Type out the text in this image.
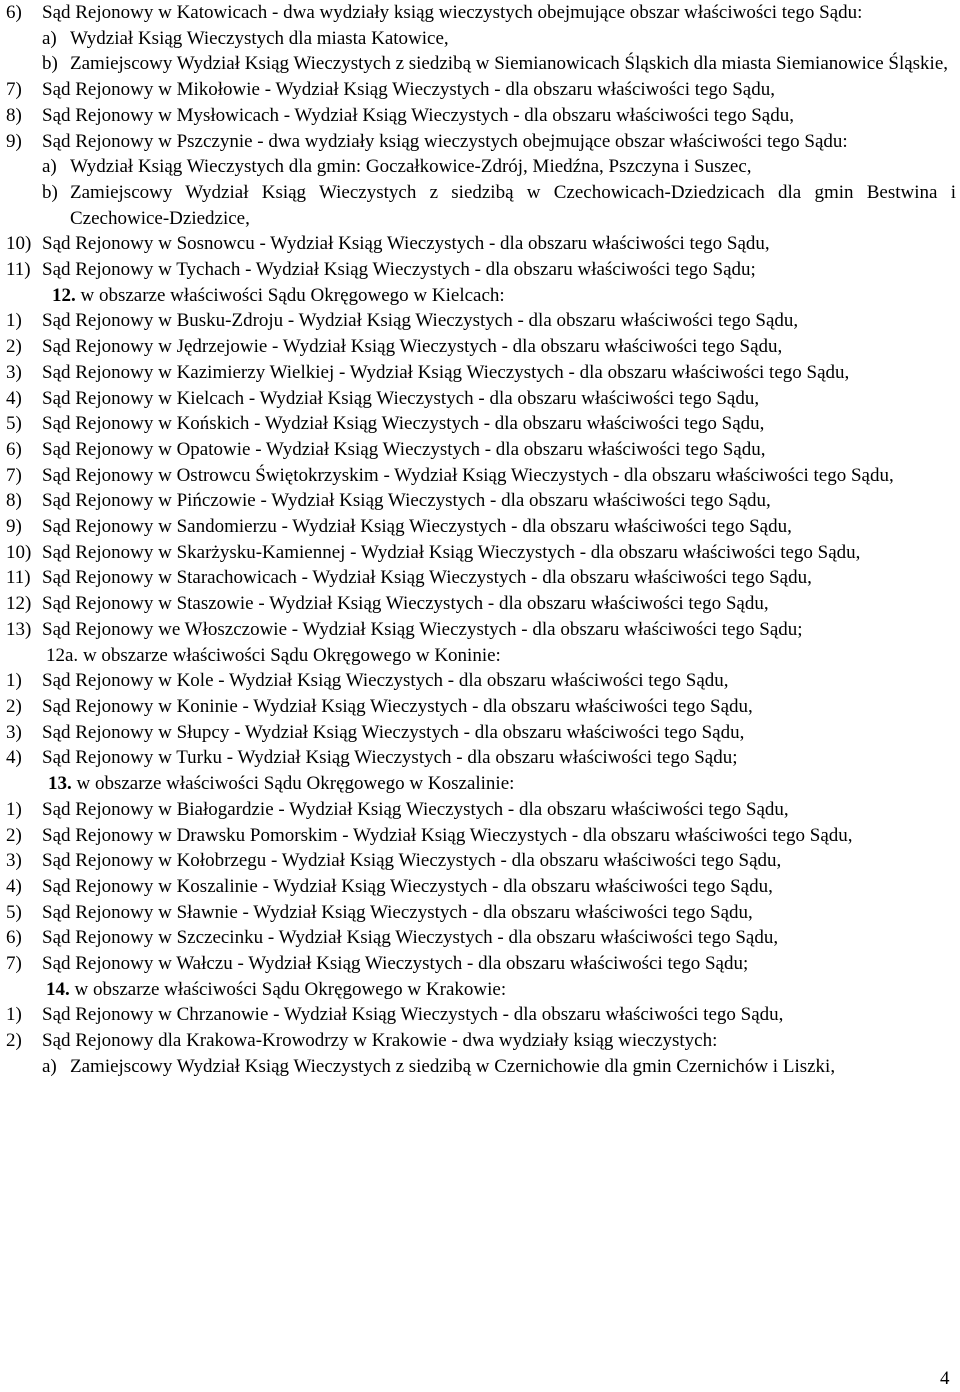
6)	Sąd Rejonowy w Katowicach - dwa wydziały ksiąg wieczystych obejmujące obszar właściwości tego Sądu:
a) Wydział Ksiąg Wieczystych dla miasta Katowice,
b) Zamiejscowy Wydział Ksiąg Wieczystych z siedzibą w Siemianowicach Śląskich dla miasta Siemianowice Śląskie,
7)	Sąd Rejonowy w Mikołowie - Wydział Ksiąg Wieczystych - dla obszaru właściwości tego Sądu,
8)	Sąd Rejonowy w Mysłowicach - Wydział Ksiąg Wieczystych - dla obszaru właściwości tego Sądu,
9)	Sąd Rejonowy w Pszczynie - dwa wydziały ksiąg wieczystych obejmujące obszar właściwości tego Sądu:
a) Wydział Ksiąg Wieczystych dla gmin: Goczałkowice-Zdrój, Miedźna, Pszczyna i Suszec,
b) Zamiejscowy Wydział Ksiąg Wieczystych z siedzibą w Czechowicach-Dziedzicach dla gmin Bestwina i Czechowice-Dziedzice,
10) Sąd Rejonowy w Sosnowcu - Wydział Ksiąg Wieczystych - dla obszaru właściwości tego Sądu,
11) Sąd Rejonowy w Tychach - Wydział Ksiąg Wieczystych - dla obszaru właściwości tego Sądu;
12. w obszarze właściwości Sądu Okręgowego w Kielcach:
1)	Sąd Rejonowy w Busku-Zdroju - Wydział Ksiąg Wieczystych - dla obszaru właściwości tego Sądu,
2)	Sąd Rejonowy w Jędrzejowie - Wydział Ksiąg Wieczystych - dla obszaru właściwości tego Sądu,
3)	Sąd Rejonowy w Kazimierzy Wielkiej - Wydział Ksiąg Wieczystych - dla obszaru właściwości tego Sądu,
4)	Sąd Rejonowy w Kielcach - Wydział Ksiąg Wieczystych - dla obszaru właściwości tego Sądu,
5)	Sąd Rejonowy w Końskich - Wydział Ksiąg Wieczystych - dla obszaru właściwości tego Sądu,
6)	Sąd Rejonowy w Opatowie - Wydział Ksiąg Wieczystych - dla obszaru właściwości tego Sądu,
7)	Sąd Rejonowy w Ostrowcu Świętokrzyskim - Wydział Ksiąg Wieczystych - dla obszaru właściwości tego Sądu,
8)	Sąd Rejonowy w Pińczowie - Wydział Ksiąg Wieczystych - dla obszaru właściwości tego Sądu,
9)	Sąd Rejonowy w Sandomierzu - Wydział Ksiąg Wieczystych - dla obszaru właściwości tego Sądu,
10) Sąd Rejonowy w Skarżysku-Kamiennej - Wydział Ksiąg Wieczystych - dla obszaru właściwości tego Sądu,
11) Sąd Rejonowy w Starachowicach - Wydział Ksiąg Wieczystych - dla obszaru właściwości tego Sądu,
12) Sąd Rejonowy w Staszowie - Wydział Ksiąg Wieczystych - dla obszaru właściwości tego Sądu,
13) Sąd Rejonowy we Włoszczowie - Wydział Ksiąg Wieczystych - dla obszaru właściwości tego Sądu;
12a. w obszarze właściwości Sądu Okręgowego w Koninie:
1)	Sąd Rejonowy w Kole - Wydział Ksiąg Wieczystych - dla obszaru właściwości tego Sądu,
2)	Sąd Rejonowy w Koninie - Wydział Ksiąg Wieczystych - dla obszaru właściwości tego Sądu,
3)	Sąd Rejonowy w Słupcy - Wydział Ksiąg Wieczystych - dla obszaru właściwości tego Sądu,
4)	Sąd Rejonowy w Turku - Wydział Ksiąg Wieczystych - dla obszaru właściwości tego Sądu;
13. w obszarze właściwości Sądu Okręgowego w Koszalinie:
1)	Sąd Rejonowy w Białogardzie - Wydział Ksiąg Wieczystych - dla obszaru właściwości tego Sądu,
2)	Sąd Rejonowy w Drawsku Pomorskim - Wydział Ksiąg Wieczystych - dla obszaru właściwości tego Sądu,
3)	Sąd Rejonowy w Kołobrzegu - Wydział Ksiąg Wieczystych - dla obszaru właściwości tego Sądu,
4)	Sąd Rejonowy w Koszalinie - Wydział Ksiąg Wieczystych - dla obszaru właściwości tego Sądu,
5)	Sąd Rejonowy w Sławnie - Wydział Ksiąg Wieczystych - dla obszaru właściwości tego Sądu,
6)	Sąd Rejonowy w Szczecinku - Wydział Ksiąg Wieczystych - dla obszaru właściwości tego Sądu,
7)	Sąd Rejonowy w Wałczu - Wydział Ksiąg Wieczystych - dla obszaru właściwości tego Sądu;
14. w obszarze właściwości Sądu Okręgowego w Krakowie:
1)	Sąd Rejonowy w Chrzanowie - Wydział Ksiąg Wieczystych - dla obszaru właściwości tego Sądu,
2)	Sąd Rejonowy dla Krakowa-Krowodrzy w Krakowie - dwa wydziały ksiąg wieczystych:
a) Zamiejscowy Wydział Ksiąg Wieczystych z siedzibą w Czernichowie dla gmin Czernichów i Liszki,
4
